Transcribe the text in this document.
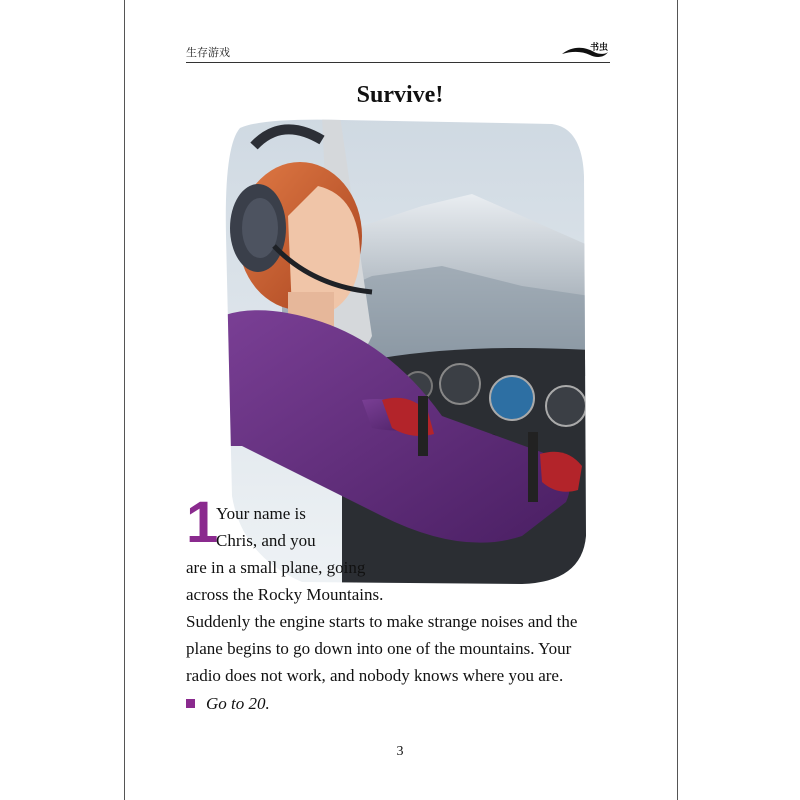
生存游戏	书虫
Survive!
1
Your name is
Chris, and you
are in a small plane, going
across the Rocky Mountains.
Suddenly the engine starts to make strange noises and the
plane begins to go down into one of the mountains. Your
radio does not work, and nobody knows where you are.
Go to 20.
3
